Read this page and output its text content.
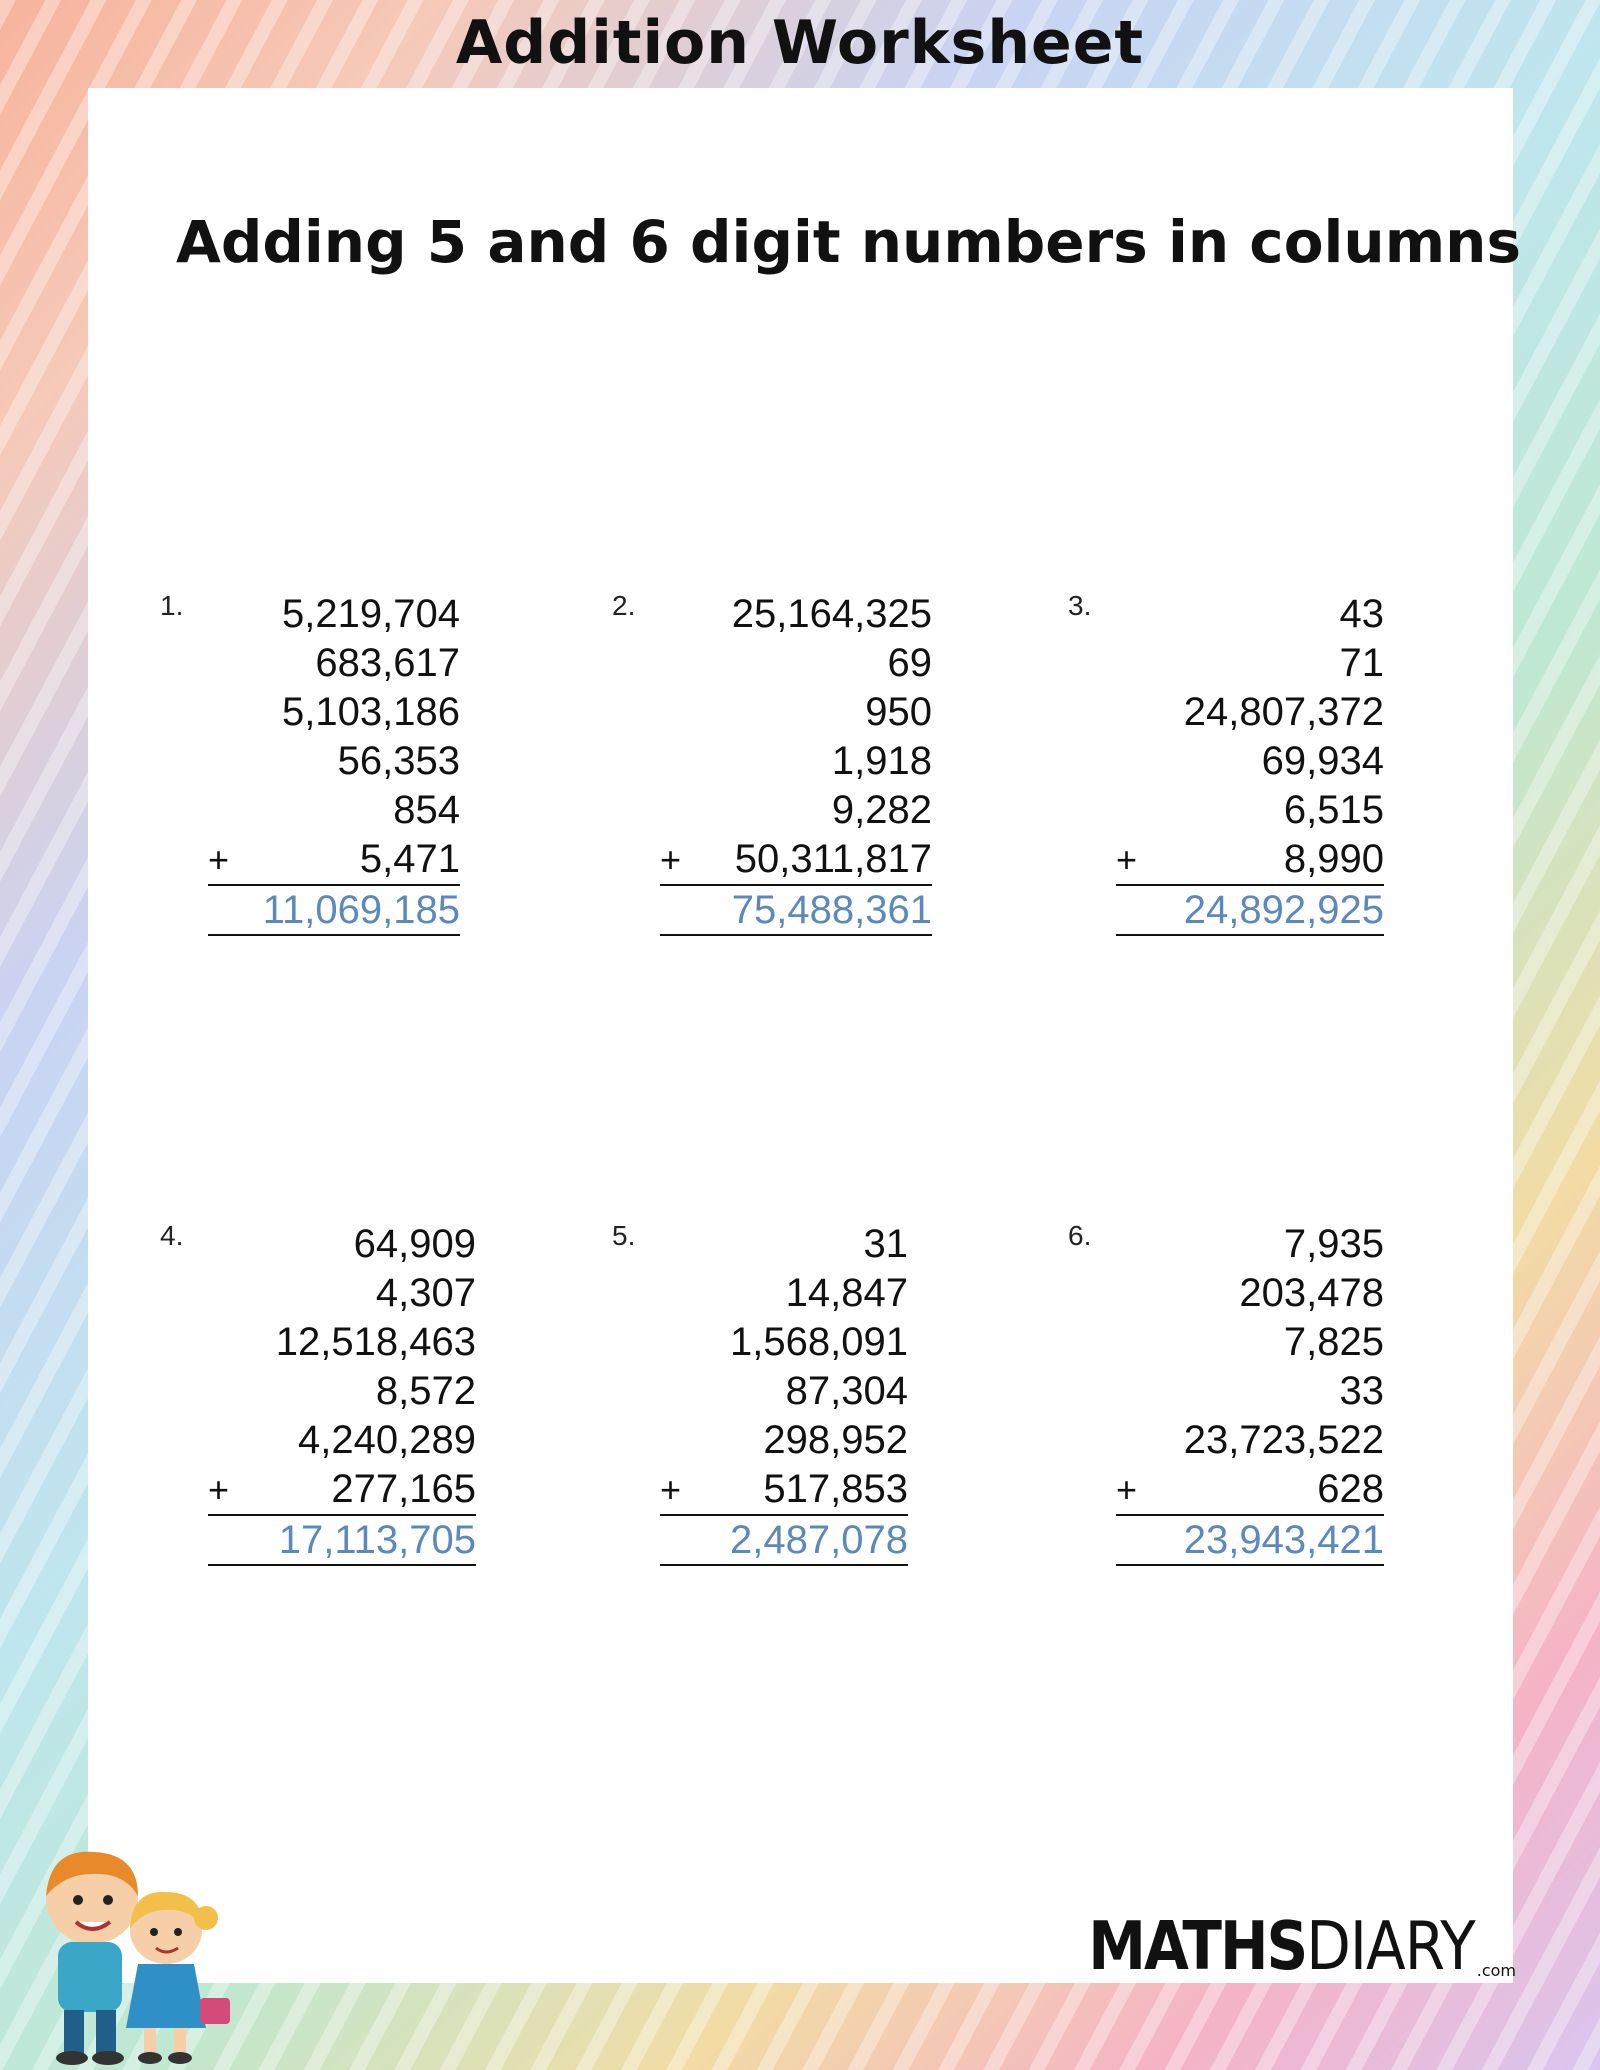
Addition Worksheet
Adding 5 and 6 digit numbers in columns
1. 5,219,704
683,617
5,103,186
56,353
854
+	5,471
11,069,185
2. 25,164,325
69
950
1,918
9,282
+ 50,311,817
75,488,361
3.	43
71
24,807,372
69,934
6,515
+	8,990
24,892,925
4.	64,909
4,307
12,518,463
8,572
4,240,289
+	277,165
17,113,705
5.	31
14,847
1,568,091
87,304
298,952
+ 517,853
2,487,078
6.	7,935
203,478
7,825
33
23,723,522
+	628
23,943,421
MATHS DIARY .com
